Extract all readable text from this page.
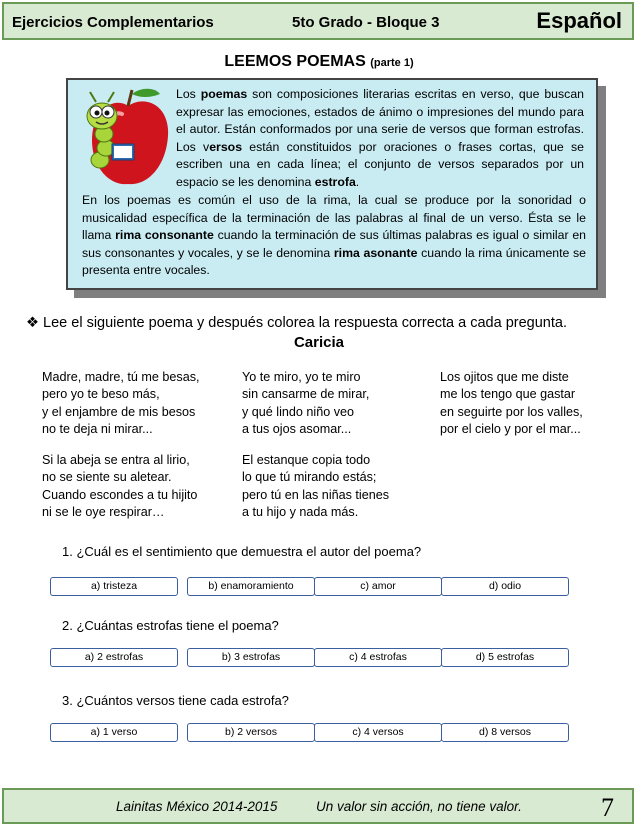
Ejercicios Complementarios	5to Grado - Bloque 3	Español
LEEMOS POEMAS (parte 1)

Los poemas son composiciones literarias escritas en verso, que buscan expresar las emociones, estados de ánimo o impresiones del mundo para el autor. Están conformados por una serie de versos que forman estrofas. Los versos están constituidos por oraciones o frases cortas, que se escriben una en cada línea; el conjunto de versos separados por un espacio se les denomina estrofa.

En los poemas es común el uso de la rima, la cual se produce por la sonoridad o musicalidad específica de la terminación de las palabras al final de un verso. Ésta se le llama rima consonante cuando la terminación de sus últimas palabras es igual o similar en sus consonantes y vocales, y se le denomina rima asonante cuando la rima únicamente se presenta entre vocales.

❖ Lee el siguiente poema y después colorea la respuesta correcta a cada pregunta.
Caricia
Madre, madre, tú me besas,
pero yo te beso más,
y el enjambre de mis besos
no te deja ni mirar...
Si la abeja se entra al lirio,
no se siente su aletear.
Cuando escondes a tu hijito
ni se le oye respirar…
Yo te miro, yo te miro
sin cansarme de mirar,
y qué lindo niño veo
a tus ojos asomar...
El estanque copia todo
lo que tú mirando estás;
pero tú en las niñas tienes
a tu hijo y nada más.
Los ojitos que me diste
me los tengo que gastar
en seguirte por los valles,
por el cielo y por el mar...
1. ¿Cuál es el sentimiento que demuestra el autor del poema?
a) tristeza	b) enamoramiento	c) amor	d) odio
2. ¿Cuántas estrofas tiene el poema?
a) 2 estrofas	b) 3 estrofas	c) 4 estrofas	d) 5 estrofas
3. ¿Cuántos versos tiene cada estrofa?
a) 1 verso	b) 2 versos	c) 4 versos	d) 8 versos
Lainitas México 2014-2015	Un valor sin acción, no tiene valor.	7
